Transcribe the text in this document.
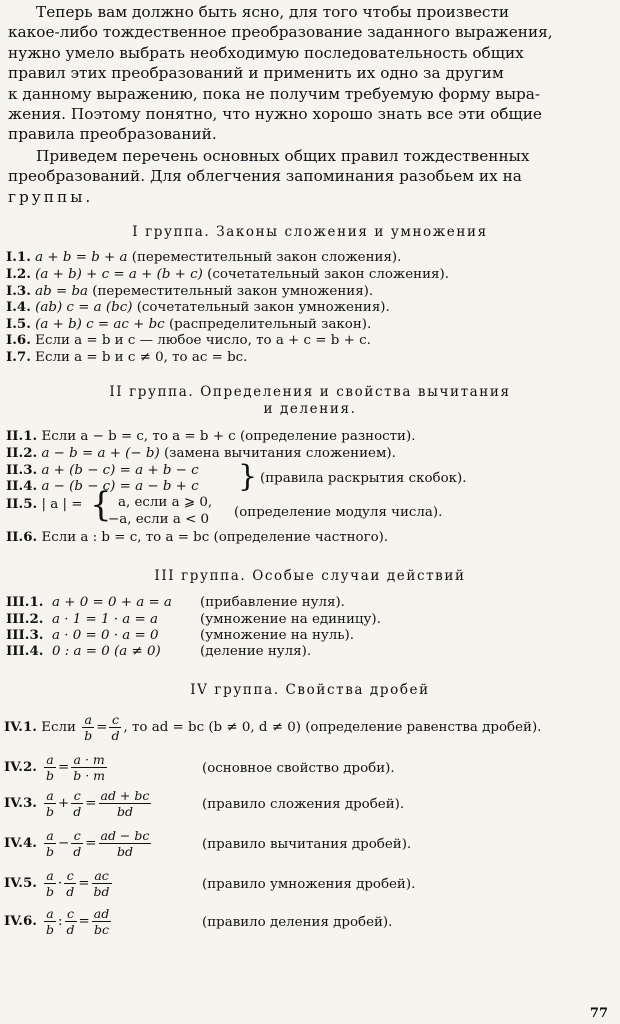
Теперь вам должно быть ясно, для того чтобы произвести
какое-либо тождественное преобразование заданного выражения,
нужно умело выбрать необходимую последовательность общих
правил этих преобразований и применить их одно за другим
к данному выражению, пока не получим требуемую форму выра-
жения. Поэтому понятно, что нужно хорошо знать все эти общие
правила преобразований.
Приведем перечень основных общих правил тождественных
преобразований. Для облегчения запоминания разобьем их на
группы.
I группа. Законы сложения и умножения
I.1. a + b = b + a (переместительный закон сложения).
I.2. (a + b) + c = a + (b + c) (сочетательный закон сложения).
I.3. ab = ba (переместительный закон умножения).
I.4. (ab) c = a (bc) (сочетательный закон умножения).
I.5. (a + b) c = ac + bc (распределительный закон).
I.6. Если a = b и c — любое число, то a + c = b + c.
I.7. Если a = b и c ≠ 0, то ac = bc.
II группа. Определения и свойства вычитания
и деления.
II.1. Если a − b = c, то a = b + c (определение разности).
II.2. a − b = a + (− b) (замена вычитания сложением).
II.3. a + (b − c) = a + b − c
II.4. a − (b − c) = a − b + c } (правила раскрытия скобок).
II.5. | a | = { a, если a ⩾ 0,
−a, если a < 0 (определение модуля числа).
II.6. Если a : b = c, то a = bc (определение частного).
III группа. Особые случаи действий
III.1. a + 0 = 0 + a = a (прибавление нуля).
III.2. a · 1 = 1 · a = a	(умножение на единицу).
III.3. a · 0 = 0 · a = 0	(умножение на нуль).
III.4. 0 : a = 0 (a ≠ 0)	(деление нуля).
IV группа. Свойства дробей
IV.1. Если $\frac{a}{b} = \frac{c}{d}$ , то ad = bc (b ≠ 0, d ≠ 0) (определение равенства дробей).
IV.2. $\frac{a}{b} = \frac{a \cdot m}{b \cdot m}$	(основное свойство дроби).
IV.3. $\frac{a}{b} + \frac{c}{d} = \frac{ad + bc}{bd}$	(правило сложения дробей).
IV.4. $\frac{a}{b} - \frac{c}{d} = \frac{ad - bc}{bd}$	(правило вычитания дробей).
IV.5. $\frac{a}{b} \cdot \frac{c}{d} = \frac{ac}{bd}$	(правило умножения дробей).
IV.6. $\frac{a}{b}$ : $\frac{c}{d} = \frac{ad}{bc}$	(правило деления дробей).
77
